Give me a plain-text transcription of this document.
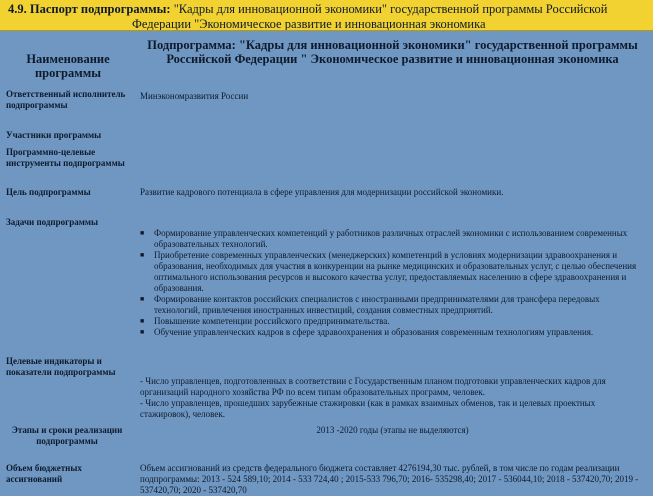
4.9. Паспорт подпрограммы: "Кадры для инновационной экономики" государственной программы Российской
Федерации "Экономическое развитие и инновационная экономика
Наименование программы
Подпрограмма: "Кадры для инновационной экономики" государственной программы Российской Федерации " Экономическое развитие и инновационная экономика
Ответственный исполнитель подпрограммы
Минэкономразвития России
Участники программы
Программно-целевые инструменты подпрограммы
Цель подпрограммы	Развитие кадрового потенциала в сфере управления для модернизации российской экономики.
Задачи подпрограммы
■ Формирование управленческих компетенций у работников различных отраслей экономики с использованием современных образовательных технологий.
■ Приобретение современных управленческих (менеджерских) компетенций в условиях модернизации здравоохранения и образования, необходимых для участия в конкуренции на рынке медицинских и образовательных услуг, с целью обеспечения оптимального использования ресурсов и высокого качества услуг, предоставляемых населению в сфере здравоохранения и образования.
■ Формирование контактов российских специалистов с иностранными предпринимателями для трансфера передовых технологий, привлечения иностранных инвестиций, создания совместных предприятий.
■ Повышение компетенции российского предпринимательства.
■ Обучение управленческих кадров в сфере здравоохранения и образования современным технологиям управления.
Целевые индикаторы и показатели подпрограммы
- Число управленцев, подготовленных в соответствии с Государственным планом подготовки управленческих кадров для организаций народного хозяйства РФ по всем типам образовательных программ, человек.
- Число управленцев, прошедших зарубежные стажировки (как в рамках взаимных обменов, так и целевых проектных стажировок), человек.
Этапы и сроки реализации подпрограммы
2013 -2020 годы (этапы не выделяются)
Объем бюджетных ассигнований
Объем ассигнований из средств федерального бюджета составляет 4276194,30 тыс. рублей, в том числе по годам реализации подпрограммы: 2013 - 524 589,10; 2014 - 533 724,40 ; 2015-533 796,70; 2016- 535298,40; 2017 - 536044,10; 2018 - 537420,70; 2019 - 537420,70; 2020 - 537420,70
